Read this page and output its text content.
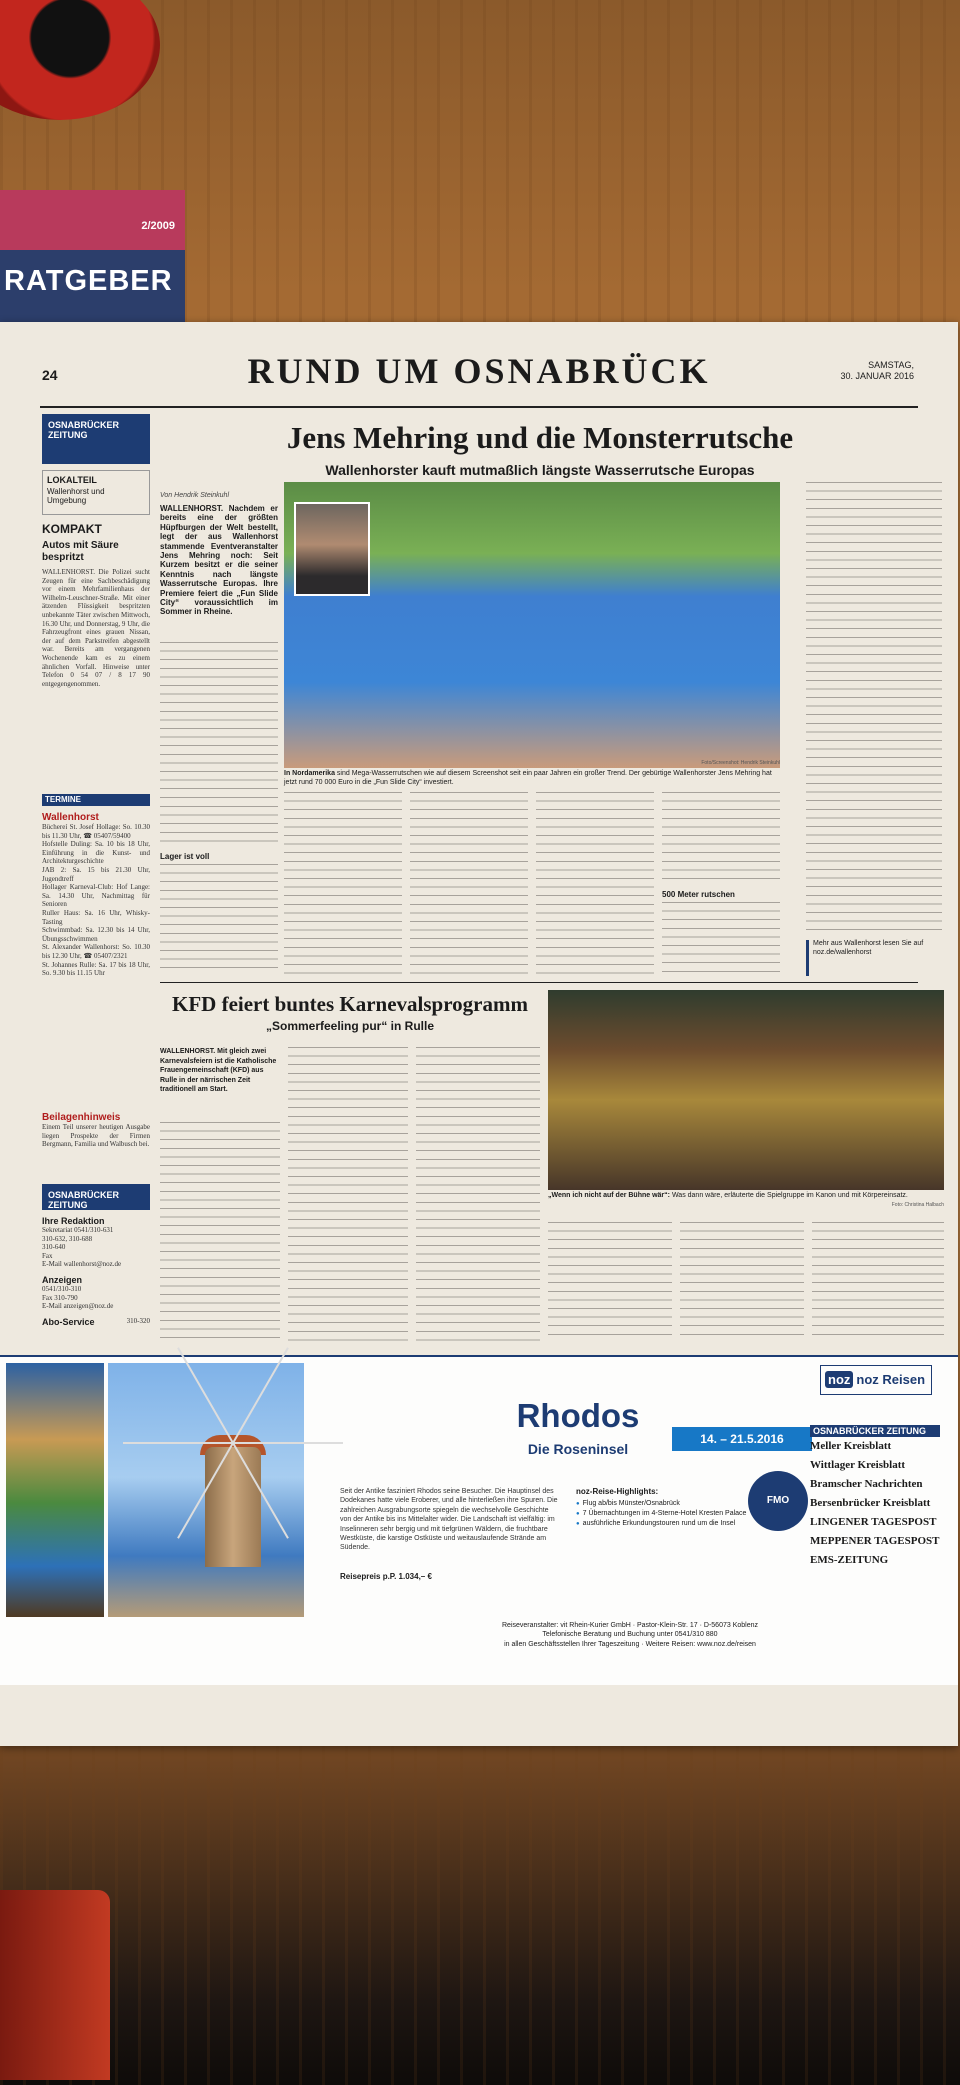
2/2009
RATGEBER
24	RUND UM OSNABRÜCK	SAMSTAG,
30. JANUAR 2016
OSNABRÜCKER ZEITUNG
LOKALTEIL
Wallenhorst und Umgebung
KOMPAKT
Autos mit Säure bespritzt
WALLENHORST. Die Polizei sucht Zeugen für eine Sachbeschädigung vor einem Mehrfamilienhaus der Wilhelm-Leuschner-Straße. Mit einer ätzenden Flüssigkeit bespritzten unbekannte Täter zwischen Mittwoch, 16.30 Uhr, und Donnerstag, 9 Uhr, die Fahrzeugfront eines grauen Nissan, der auf dem Parkstreifen abgestellt war. Bereits am vergangenen Wochenende kam es zu einem ähnlichen Vorfall. Hinweise unter Telefon 0 54 07 / 8 17 90 entgegengenommen.
TERMINE
Wallenhorst
Büchereí St. Josef Hollage: So. 10.30 bis 11.30 Uhr, ☎ 05407/59400
Hofstelle Duling: Sa. 10 bis 18 Uhr, Einführung in die Kunst- und Architekturgeschichte
JAB 2: Sa. 15 bis 21.30 Uhr, Jugendtreff
Hollager Karneval-Club: Hof Lange: Sa. 14.30 Uhr, Nachmittag für Senioren
Ruller Haus: Sa. 16 Uhr, Whisky-Tasting
Schwimmbad: Sa. 12.30 bis 14 Uhr, Übungsschwimmen
St. Alexander Wallenhorst: So. 10.30 bis 12.30 Uhr, ☎ 05407/2321
St. Johannes Rulle: Sa. 17 bis 18 Uhr, So. 9.30 bis 11.15 Uhr
Beilagenhinweis
Einem Teil unserer heutigen Ausgabe liegen Prospekte der Firmen Bergmann, Familia und Walbusch bei.
OSNABRÜCKER ZEITUNG
Ihre Redaktion
Sekretariat 0541/310-631
310-632, 310-688
310-640
Fax
E-Mail wallenhorst@noz.de
Anzeigen
0541/310-310
Fax 310-790
E-Mail anzeigen@noz.de
Abo-Service	310-320
Jens Mehring und die Monsterrutsche
Wallenhorster kauft mutmaßlich längste Wasserrutsche Europas
Von Hendrik Steinkuhl
WALLENHORST. Nachdem er bereits eine der größten Hüpfburgen der Welt bestellt, legt der aus Wallenhorst stammende Eventveranstalter Jens Mehring noch: Seit Kurzem besitzt er die seiner Kenntnis nach längste Wasserrutsche Europas. Ihre Premiere feiert die „Fun Slide City“ voraussichtlich im Sommer in Rheine.
Foto/Screenshot: Hendrik Steinkuhl
In Nordamerika sind Mega-Wasserrutschen wie auf diesem Screenshot seit ein paar Jahren ein großer Trend. Der gebürtige Wallenhorster Jens Mehring hat jetzt rund 70 000 Euro in die „Fun Slide City“ investiert.
Lager ist voll
500 Meter rutschen
Mehr aus Wallenhorst lesen Sie auf noz.de/wallenhorst
KFD feiert buntes Karnevalsprogramm
„Sommerfeeling pur“ in Rulle
WALLENHORST. Mit gleich zwei Karnevalsfeiern ist die Katholische Frauengemeinschaft (KFD) aus Rulle in der närrischen Zeit traditionell am Start.
„Wenn ich nicht auf der Bühne wär“: Was dann wäre, erläuterte die Spielgruppe im Kanon und mit Körpereinsatz.
Foto: Christina Halbach
Rhodos
Die Roseninsel
14. – 21.5.2016
Seit der Antike fasziniert Rhodos seine Besucher. Die Hauptinsel des Dodekanes hatte viele Eroberer, und alle hinterließen ihre Spuren. Die zahlreichen Ausgrabungsorte spiegeln die wechselvolle Geschichte von der Antike bis ins Mittelalter wider. Die Landschaft ist vielfältig: im Inselinneren sehr bergig und mit tiefgrünen Wäldern, die fruchtbare Westküste, die karstige Ostküste und weitauslaufende Strände am Südende.
Reisepreis p.P. 1.034,– €
noz-Reise-Highlights:
● Flug ab/bis Münster/Osnabrück
● 7 Übernachtungen im 4-Sterne-Hotel Kresten Palace
● ausführliche Erkundungstouren rund um die Insel
FMO
Reiseveranstalter: vit Rhein-Kurier GmbH · Pastor-Klein-Str. 17 · D-56073 Koblenz
Telefonische Beratung und Buchung unter 0541/310 880
in allen Geschäftsstellen Ihrer Tageszeitung · Weitere Reisen: www.noz.de/reisen
noz noz Reisen
OSNABRÜCKER ZEITUNG
Meller Kreisblatt
Wittlager Kreisblatt
Bramscher Nachrichten
Bersenbrücker Kreisblatt
LINGENER TAGESPOST
MEPPENER TAGESPOST
EMS-ZEITUNG
